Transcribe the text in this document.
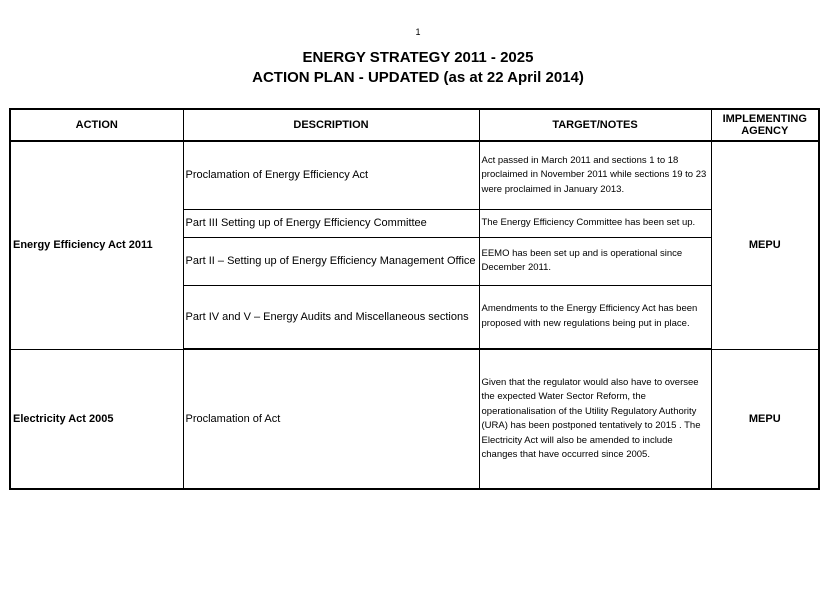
1
ENERGY STRATEGY 2011 - 2025
ACTION PLAN - UPDATED (as at 22 April 2014)
ACTION	DESCRIPTION	TARGET/NOTES	IMPLEMENTING AGENCY
Energy Efficiency Act 2011	Proclamation of Energy Efficiency Act	Act passed in March 2011 and sections 1 to 18 proclaimed in November 2011 while sections 19 to 23 were proclaimed in January 2013.	MEPU
	Part III Setting up of Energy Efficiency Committee	The Energy Efficiency Committee has been set up.	
	Part II – Setting up of Energy Efficiency Management Office	EEMO has been set up and is operational since December 2011.	
	Part IV and V – Energy Audits and Miscellaneous sections	Amendments to the Energy Efficiency Act has been proposed with new regulations being put in place.	
Electricity Act 2005	Proclamation of Act	Given that the regulator would also have to oversee the expected Water Sector Reform, the operationalisation of the Utility Regulatory Authority (URA) has been postponed tentatively to 2015 . The Electricity Act will also be amended to include changes that have occurred since 2005.	MEPU
